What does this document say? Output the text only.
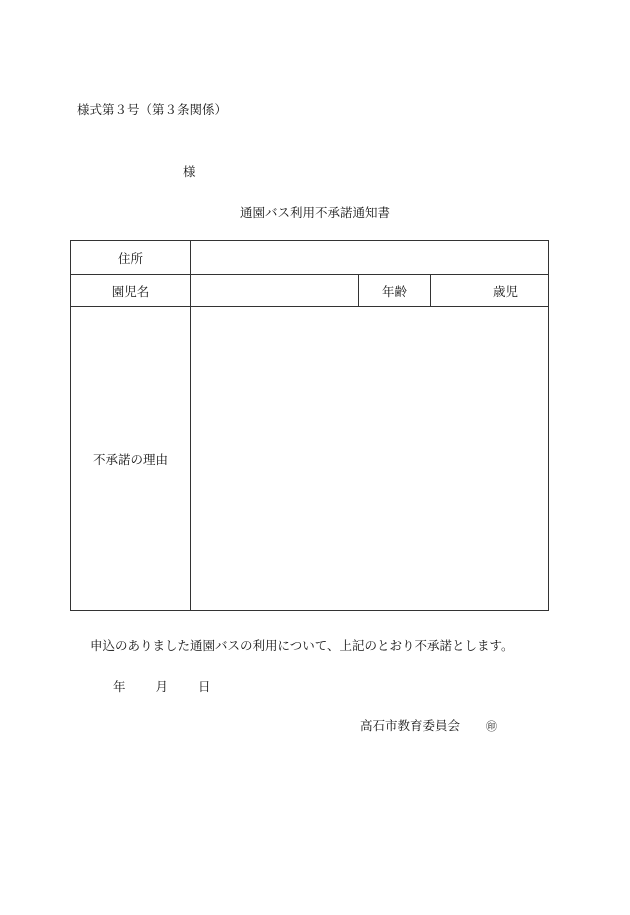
様式第３号（第３条関係）
様
通園バス利用不承諾通知書
住所
園児名	年齢	歳児
不承諾の理由
申込のありました通園バスの利用について、上記のとおり不承諾とします。
年 月 日
高石市教育委員会 ㊞
